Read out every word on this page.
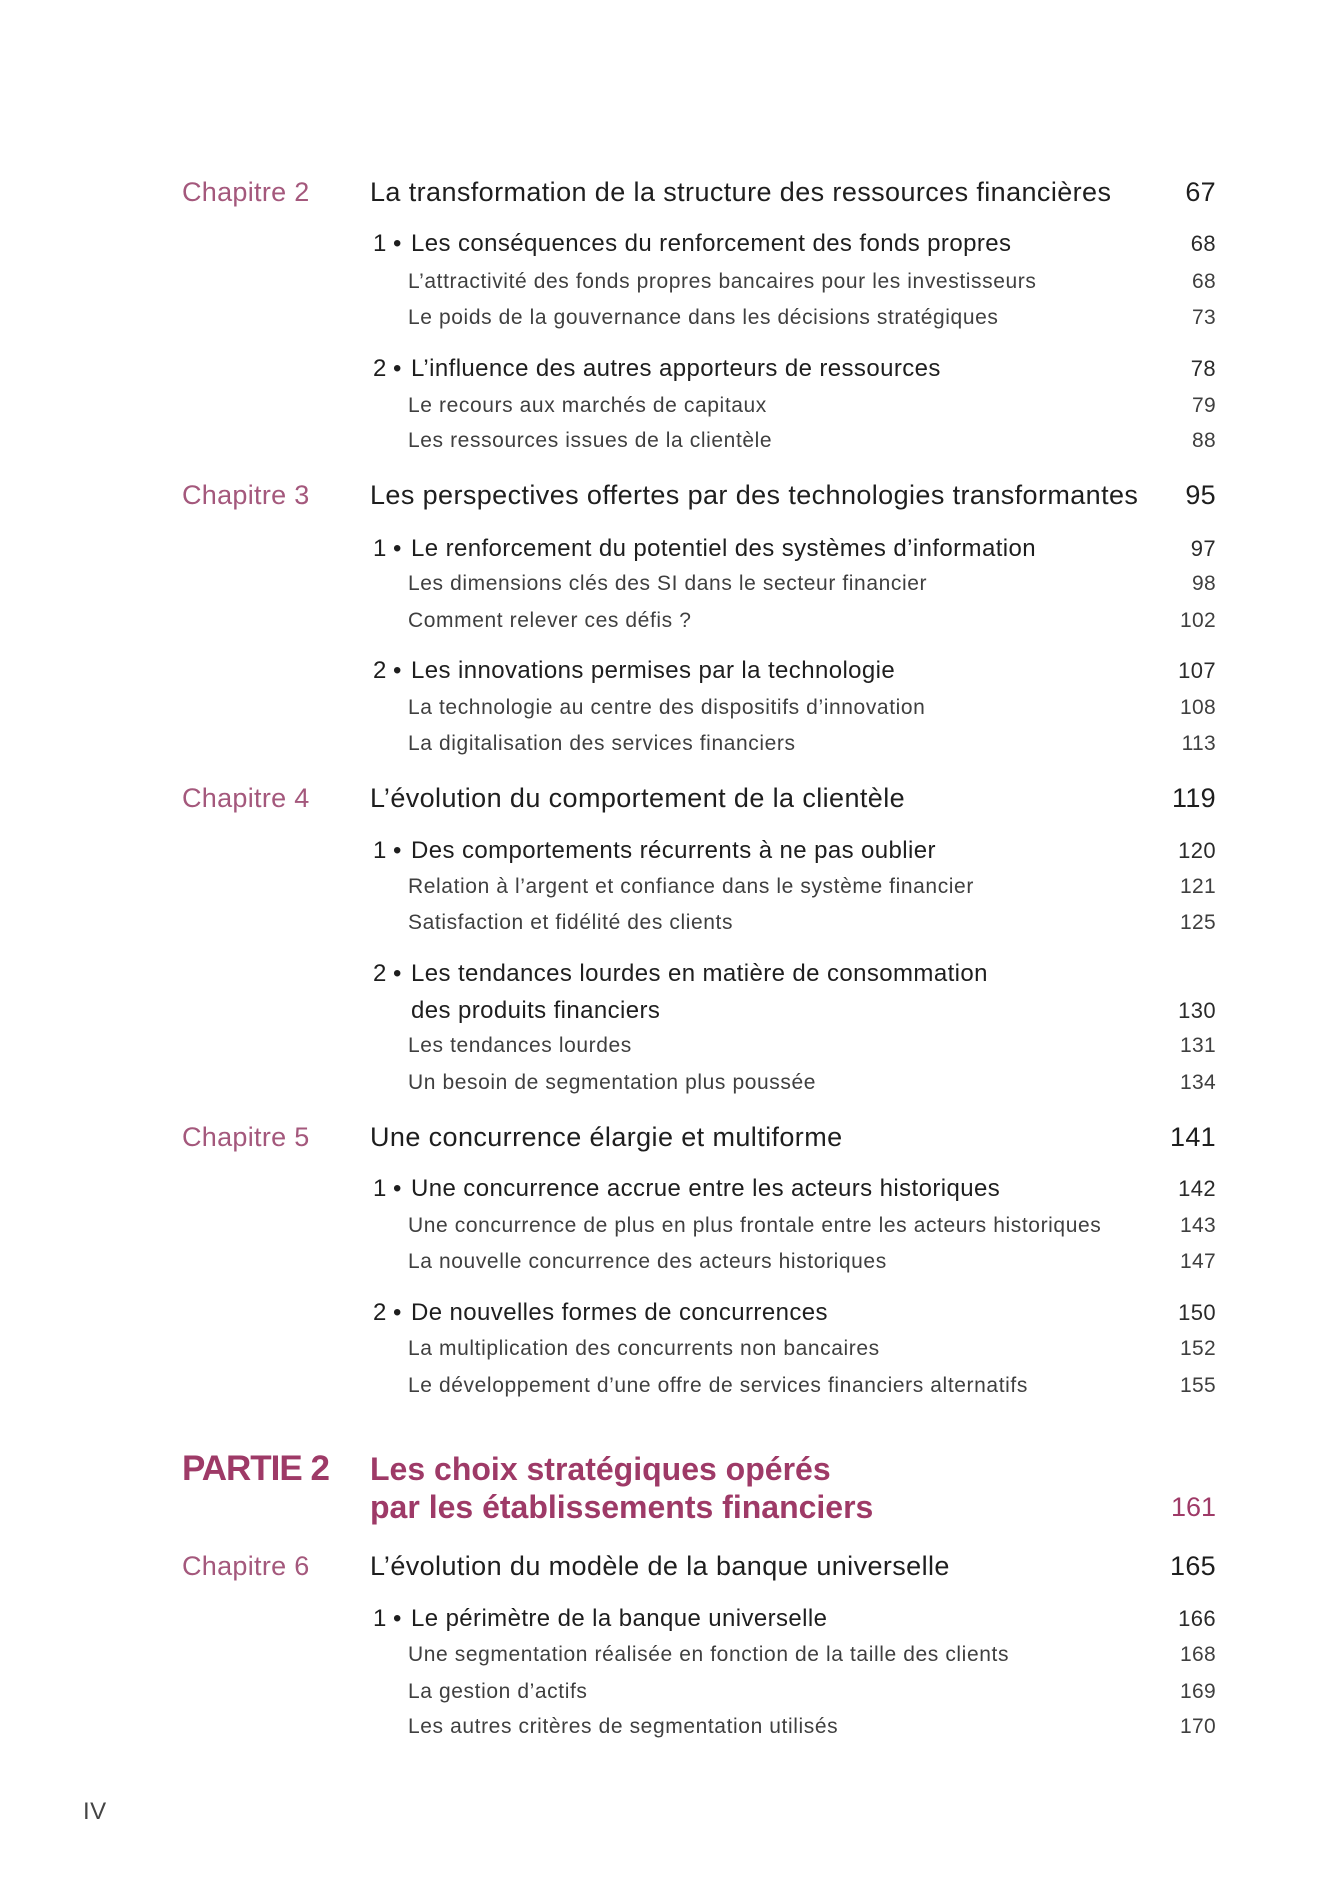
Chapitre 2 La transformation de la structure des ressources financières	67
1 • Les conséquences du renforcement des fonds propres	68
L’attractivité des fonds propres bancaires pour les investisseurs	68
Le poids de la gouvernance dans les décisions stratégiques	73
2 • L’influence des autres apporteurs de ressources	78
Le recours aux marchés de capitaux	79
Les ressources issues de la clientèle	88
Chapitre 3 Les perspectives offertes par des technologies transformantes 95
1 • Le renforcement du potentiel des systèmes d’information	97
Les dimensions clés des SI dans le secteur financier	98
Comment relever ces défis ?	102
2 • Les innovations permises par la technologie	107
La technologie au centre des dispositifs d’innovation	108
La digitalisation des services financiers	113
Chapitre 4 L’évolution du comportement de la clientèle	119
1 • Des comportements récurrents à ne pas oublier	120
Relation à l’argent et confiance dans le système financier	121
Satisfaction et fidélité des clients	125
2 • Les tendances lourdes en matière de consommation
des produits financiers	130
Les tendances lourdes	131
Un besoin de segmentation plus poussée	134
Chapitre 5 Une concurrence élargie et multiforme	141
1 • Une concurrence accrue entre les acteurs historiques	142
Une concurrence de plus en plus frontale entre les acteurs historiques	143
La nouvelle concurrence des acteurs historiques	147
2 • De nouvelles formes de concurrences	150
La multiplication des concurrents non bancaires	152
Le développement d’une offre de services financiers alternatifs	155
PARTIE 2 Les choix stratégiques opérés
par les établissements financiers	161
Chapitre 6 L’évolution du modèle de la banque universelle	165
1 • Le périmètre de la banque universelle	166
Une segmentation réalisée en fonction de la taille des clients	168
La gestion d’actifs	169
Les autres critères de segmentation utilisés	170
IV
